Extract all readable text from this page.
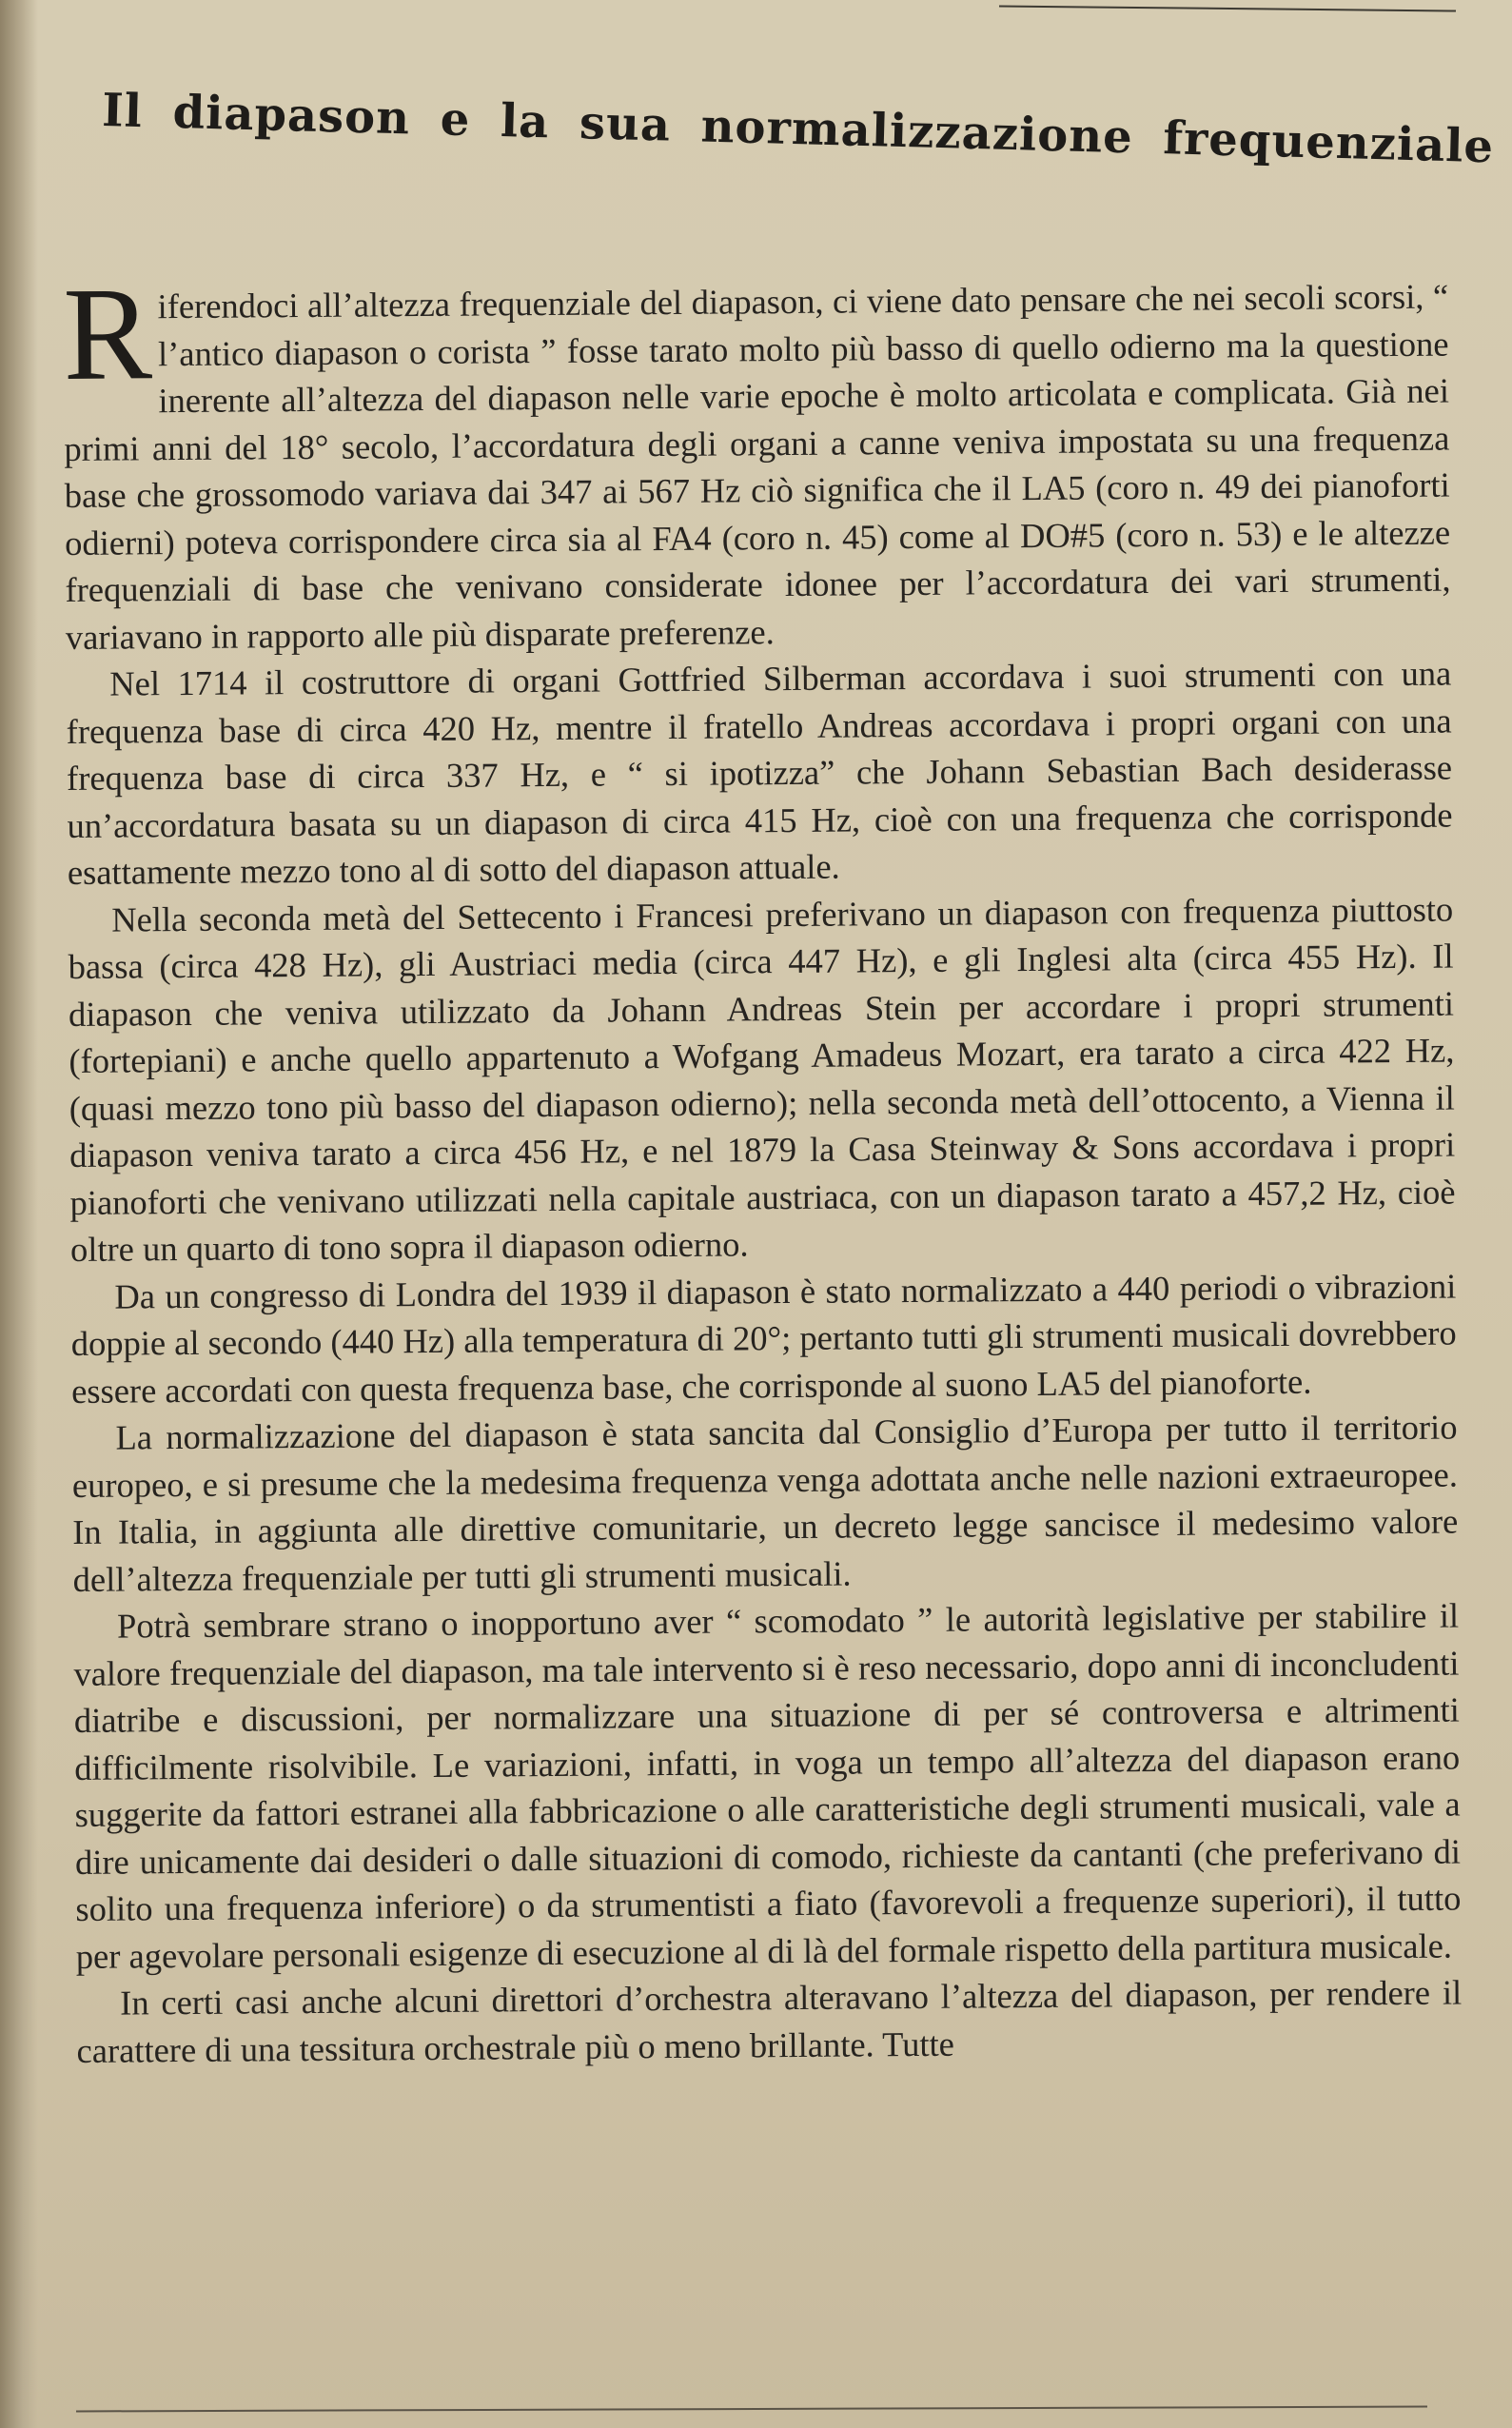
Il diapason e la sua normalizzazione frequenziale

Riferendoci all’altezza frequenziale del diapason, ci viene dato pensare che nei secoli scorsi, “ l’antico diapason o corista ” fosse tarato molto più basso di quello odierno ma la questione inerente all’altezza del diapason nelle varie epoche è molto articolata e complicata. Già nei primi anni del 18° secolo, l’accordatura degli organi a canne veniva impostata su una frequenza base che grossomodo variava dai 347 ai 567 Hz ciò significa che il LA5 (coro n. 49 dei pianoforti odierni) poteva corrispondere circa sia al FA4 (coro n. 45) come al DO#5 (coro n. 53) e le altezze frequenziali di base che venivano considerate idonee per l’accordatura dei vari strumenti, variavano in rapporto alle più disparate preferenze.

Nel 1714 il costruttore di organi Gottfried Silberman accordava i suoi strumenti con una frequenza base di circa 420 Hz, mentre il fratello Andreas accordava i propri organi con una frequenza base di circa 337 Hz, e “ si ipotizza” che Johann Sebastian Bach desiderasse un’accordatura basata su un diapason di circa 415 Hz, cioè con una frequenza che corrisponde esattamente mezzo tono al di sotto del diapason attuale.

Nella seconda metà del Settecento i Francesi preferivano un diapason con frequenza piuttosto bassa (circa 428 Hz), gli Austriaci media (circa 447 Hz), e gli Inglesi alta (circa 455 Hz). Il diapason che veniva utilizzato da Johann Andreas Stein per accordare i propri strumenti (fortepiani) e anche quello appartenuto a Wofgang Amadeus Mozart, era tarato a circa 422 Hz, (quasi mezzo tono più basso del diapason odierno); nella seconda metà dell’ottocento, a Vienna il diapason veniva tarato a circa 456 Hz, e nel 1879 la Casa Steinway & Sons accordava i propri pianoforti che venivano utilizzati nella capitale austriaca, con un diapason tarato a 457,2 Hz, cioè oltre un quarto di tono sopra il diapason odierno.

Da un congresso di Londra del 1939 il diapason è stato normalizzato a 440 periodi o vibrazioni doppie al secondo (440 Hz) alla temperatura di 20°; pertanto tutti gli strumenti musicali dovrebbero essere accordati con questa frequenza base, che corrisponde al suono LA5 del pianoforte.

La normalizzazione del diapason è stata sancita dal Consiglio d’Europa per tutto il territorio europeo, e si presume che la medesima frequenza venga adottata anche nelle nazioni extraeuropee. In Italia, in aggiunta alle direttive comunitarie, un decreto legge sancisce il medesimo valore dell’altezza frequenziale per tutti gli strumenti musicali.

Potrà sembrare strano o inopportuno aver “ scomodato ” le autorità legislative per stabilire il valore frequenziale del diapason, ma tale intervento si è reso necessario, dopo anni di inconcludenti diatribe e discussioni, per normalizzare una situazione di per sé controversa e altrimenti difficilmente risolvibile. Le variazioni, infatti, in voga un tempo all’altezza del diapason erano suggerite da fattori estranei alla fabbricazione o alle caratteristiche degli strumenti musicali, vale a dire unicamente dai desideri o dalle situazioni di comodo, richieste da cantanti (che preferivano di solito una frequenza inferiore) o da strumentisti a fiato (favorevoli a frequenze superiori), il tutto per agevolare personali esigenze di esecuzione al di là del formale rispetto della partitura musicale.

In certi casi anche alcuni direttori d’orchestra alteravano l’altezza del diapason, per rendere il carattere di una tessitura orchestrale più o meno brillante. Tutte
